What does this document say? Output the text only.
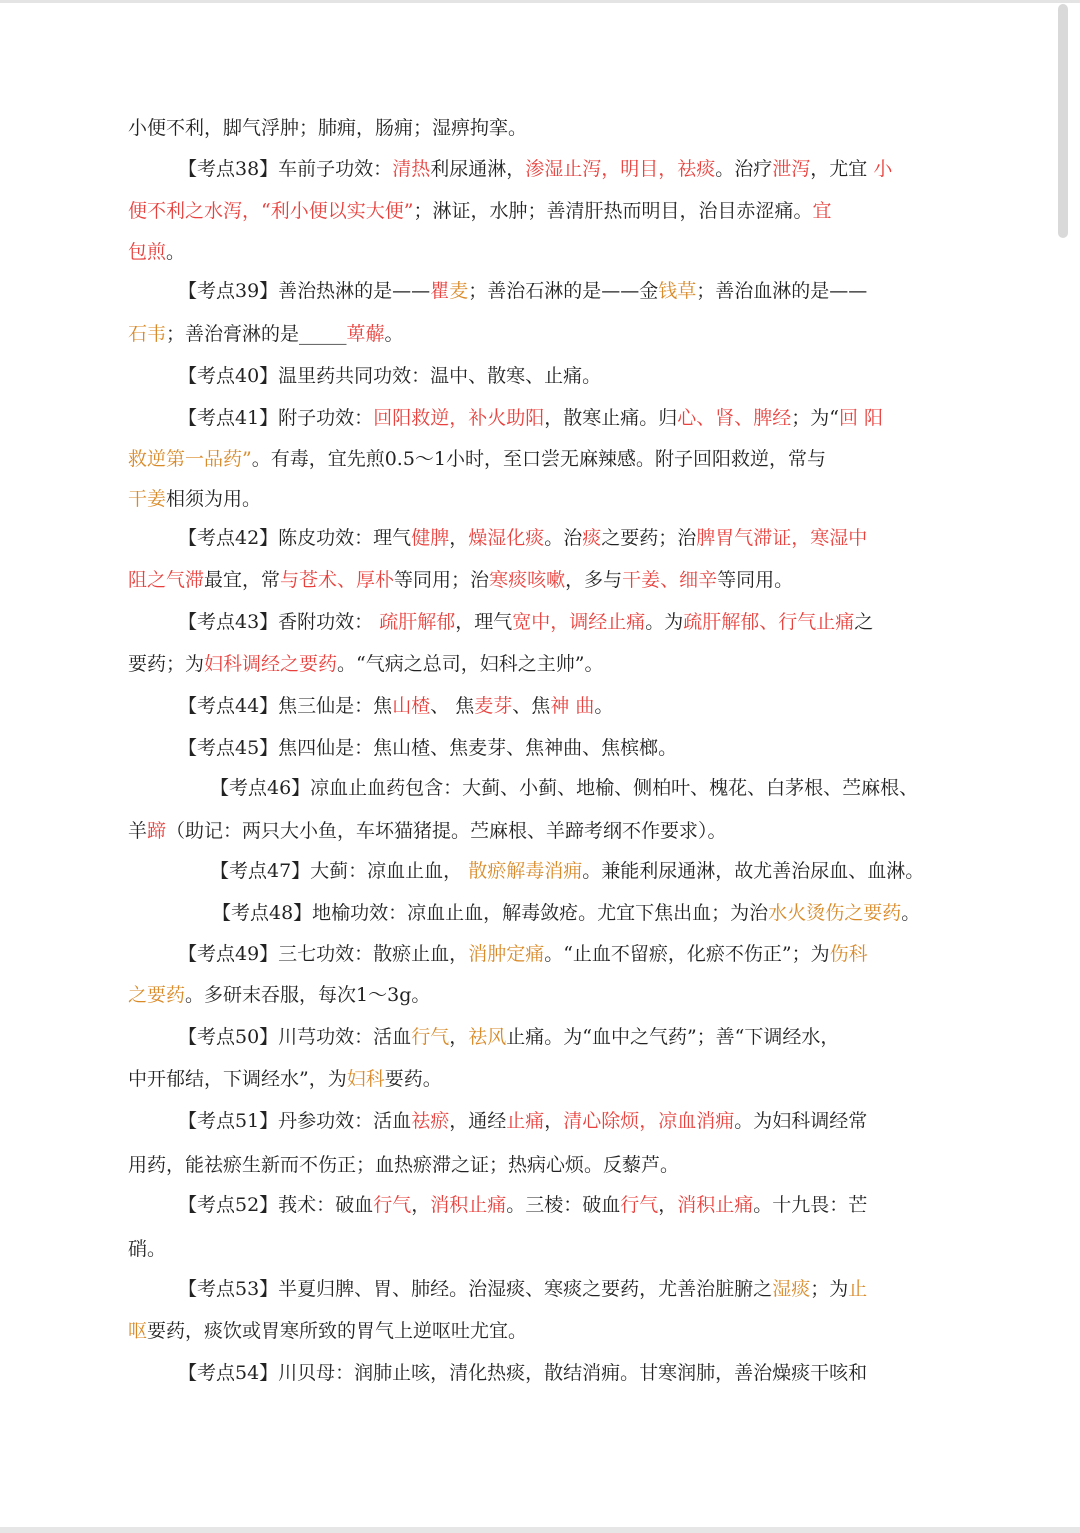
小便不利，脚气浮肿；肺痈，肠痈；湿痹拘挛。
【考点38】车前子功效：清热利尿通淋，渗湿止泻，明目，祛痰。治疗泄泻，尤宜 小
便不利之水泻，“利小便以实大便”；淋证，水肿；善清肝热而明目，治目赤涩痛。宜
包煎。
【考点39】善治热淋的是——瞿麦；善治石淋的是——金钱草；善治血淋的是——
石韦；善治膏淋的是_____萆薢。
【考点40】温里药共同功效：温中、散寒、止痛。
【考点41】附子功效：回阳救逆，补火助阳，散寒止痛。归心、肾、脾经；为“回 阳
救逆第一品药”。有毒，宜先煎0.5～1小时，至口尝无麻辣感。附子回阳救逆，常与
干姜相须为用。
【考点42】陈皮功效：理气健脾，燥湿化痰。治痰之要药；治脾胃气滞证，寒湿中
阻之气滞最宜，常与苍术、厚朴等同用；治寒痰咳嗽，多与干姜、细辛等同用。
【考点43】香附功效： 疏肝解郁，理气宽中，调经止痛。为疏肝解郁、行气止痛之
要药；为妇科调经之要药。“气病之总司，妇科之主帅”。
【考点44】焦三仙是：焦山楂、 焦麦芽、焦神 曲。
【考点45】焦四仙是：焦山楂、焦麦芽、焦神曲、焦槟榔。
【考点46】凉血止血药包含：大蓟、小蓟、地榆、侧柏叶、槐花、白茅根、苎麻根、
羊蹄（助记：两只大小鱼，车坏猫猪提。苎麻根、羊蹄考纲不作要求）。
【考点47】大蓟：凉血止血， 散瘀解毒消痈。兼能利尿通淋，故尤善治尿血、血淋。
【考点48】地榆功效：凉血止血，解毒敛疮。尤宜下焦出血；为治水火烫伤之要药。
【考点49】三七功效：散瘀止血，消肿定痛。“止血不留瘀，化瘀不伤正”；为伤科
之要药。多研末吞服，每次1～3g。
【考点50】川芎功效：活血行气，祛风止痛。为“血中之气药”；善“下调经水，
中开郁结，下调经水”，为妇科要药。
【考点51】丹参功效：活血祛瘀，通经止痛，清心除烦，凉血消痈。为妇科调经常
用药，能祛瘀生新而不伤正；血热瘀滞之证；热病心烦。反藜芦。
【考点52】莪术：破血行气，消积止痛。三棱：破血行气，消积止痛。十九畏：芒
硝。
【考点53】半夏归脾、胃、肺经。治湿痰、寒痰之要药，尤善治脏腑之湿痰；为止
呕要药，痰饮或胃寒所致的胃气上逆呕吐尤宜。
【考点54】川贝母：润肺止咳，清化热痰，散结消痈。甘寒润肺，善治燥痰干咳和
